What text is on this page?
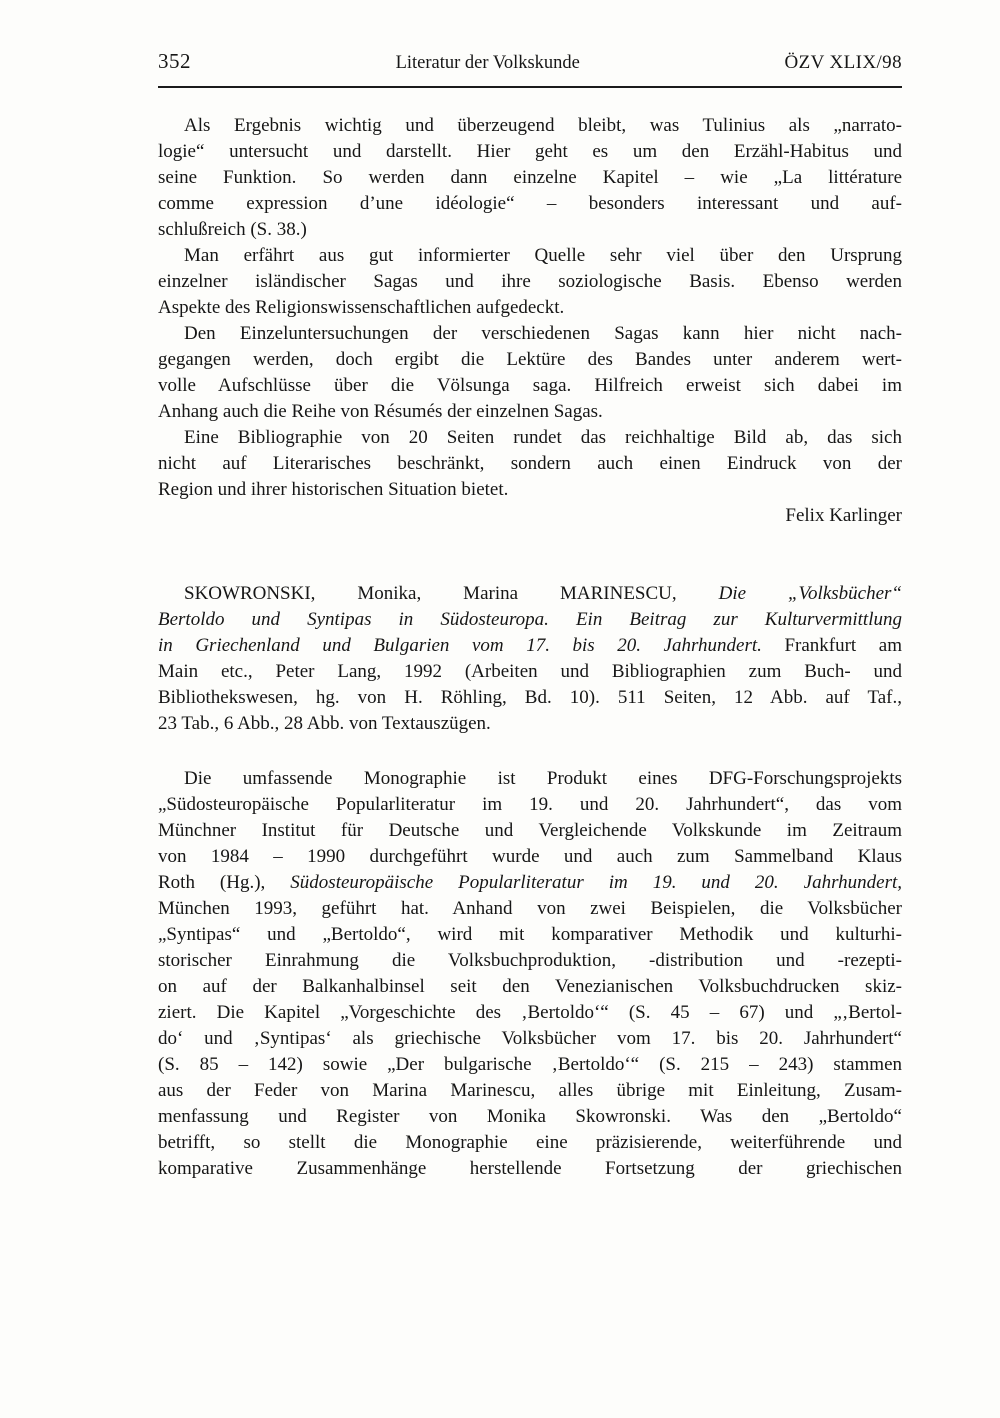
352	Literatur der Volkskunde	ÖZV XLIX/98
Als Ergebnis wichtig und überzeugend bleibt, was Tulinius als „narrato-
logie“ untersucht und darstellt. Hier geht es um den Erzähl-Habitus und
seine Funktion. So werden dann einzelne Kapitel – wie „La littérature
comme expression d’une idéologie“ – besonders interessant und auf-
schlußreich (S. 38.)
Man erfährt aus gut informierter Quelle sehr viel über den Ursprung
einzelner isländischer Sagas und ihre soziologische Basis. Ebenso werden
Aspekte des Religionswissenschaftlichen aufgedeckt.
Den Einzeluntersuchungen der verschiedenen Sagas kann hier nicht nach-
gegangen werden, doch ergibt die Lektüre des Bandes unter anderem wert-
volle Aufschlüsse über die Völsunga saga. Hilfreich erweist sich dabei im
Anhang auch die Reihe von Résumés der einzelnen Sagas.
Eine Bibliographie von 20 Seiten rundet das reichhaltige Bild ab, das sich
nicht auf Literarisches beschränkt, sondern auch einen Eindruck von der
Region und ihrer historischen Situation bietet.
Felix Karlinger
SKOWRONSKI, Monika, Marina MARINESCU, Die „Volksbücher“
Bertoldo und Syntipas in Südosteuropa. Ein Beitrag zur Kulturvermittlung
in Griechenland und Bulgarien vom 17. bis 20. Jahrhundert. Frankfurt am
Main etc., Peter Lang, 1992 (Arbeiten und Bibliographien zum Buch- und
Bibliothekswesen, hg. von H. Röhling, Bd. 10). 511 Seiten, 12 Abb. auf Taf.,
23 Tab., 6 Abb., 28 Abb. von Textauszügen.
Die umfassende Monographie ist Produkt eines DFG-Forschungsprojekts
„Südosteuropäische Popularliteratur im 19. und 20. Jahrhundert“, das vom
Münchner Institut für Deutsche und Vergleichende Volkskunde im Zeitraum
von 1984 – 1990 durchgeführt wurde und auch zum Sammelband Klaus
Roth (Hg.), Südosteuropäische Popularliteratur im 19. und 20. Jahrhundert,
München 1993, geführt hat. Anhand von zwei Beispielen, die Volksbücher
„Syntipas“ und „Bertoldo“, wird mit komparativer Methodik und kulturhi-
storischer Einrahmung die Volksbuchproduktion, -distribution und -rezepti-
on auf der Balkanhalbinsel seit den Venezianischen Volksbuchdrucken skiz-
ziert. Die Kapitel „Vorgeschichte des ‚Bertoldo‘“ (S. 45 – 67) und „‚Bertol-
do‘ und ‚Syntipas‘ als griechische Volksbücher vom 17. bis 20. Jahrhundert“
(S. 85 – 142) sowie „Der bulgarische ‚Bertoldo‘“ (S. 215 – 243) stammen
aus der Feder von Marina Marinescu, alles übrige mit Einleitung, Zusam-
menfassung und Register von Monika Skowronski. Was den „Bertoldo“
betrifft, so stellt die Monographie eine präzisierende, weiterführende und
komparative Zusammenhänge herstellende Fortsetzung der griechischen
